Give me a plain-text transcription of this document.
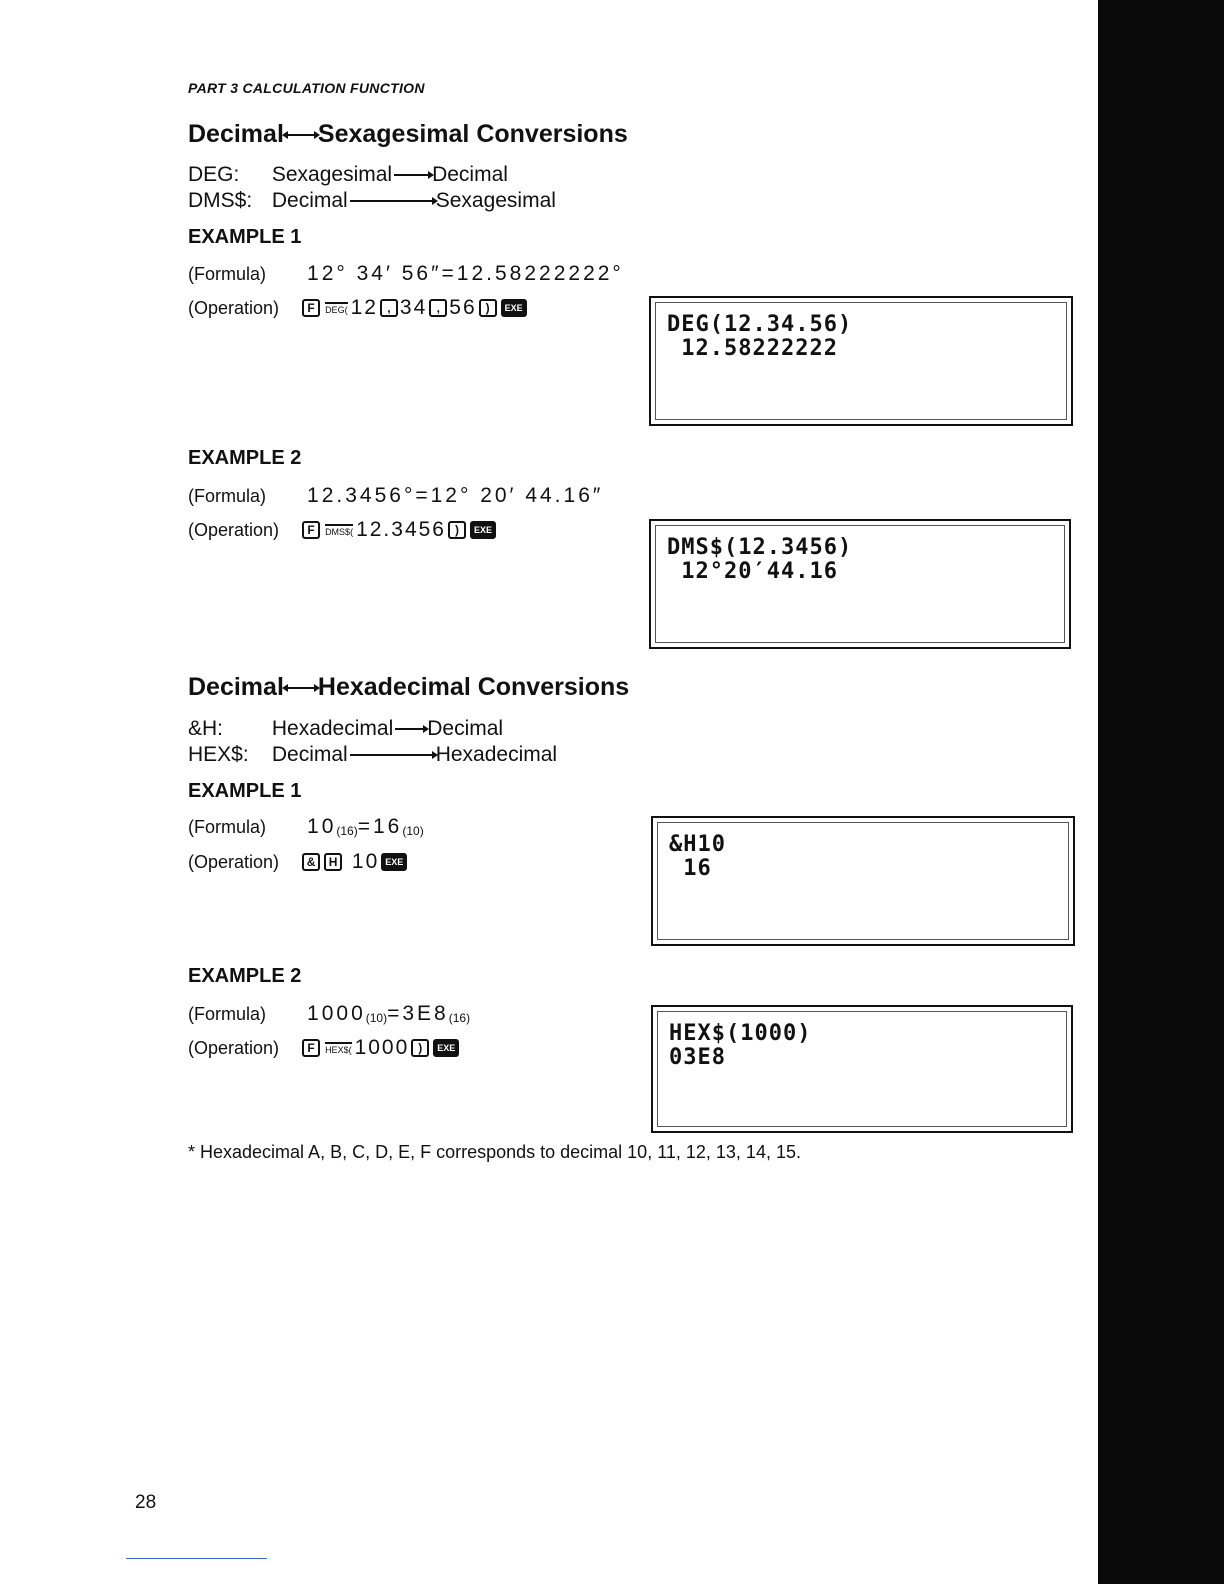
PART 3 CALCULATION FUNCTION
Decimal Sexagesimal Conversions
DEG: Sexagesimal Decimal
DMS$: Decimal	Sexagesimal
EXAMPLE 1
(Formula) 12° 34′ 56″=12.58222222°
(Operation) F DEG( 12 , 34 , 56 ) EXE
DEG(12.34.56)
12.58222222
EXAMPLE 2
(Formula) 12.3456°=12° 20′ 44.16″
(Operation) F DMS$( 12.3456 ) EXE
DMS$(12.3456)
12°20′44.16
Decimal Hexadecimal Conversions
&H: Hexadecimal Decimal
HEX$: Decimal	Hexadecimal
EXAMPLE 1
(Formula) 10(16)=16(10)
(Operation) & H 10 EXE
&H10
16
EXAMPLE 2
(Formula) 1000(10)=3E8(16)
(Operation) F HEX$( 1000 ) EXE
HEX$(1000)
03E8
* Hexadecimal A, B, C, D, E, F corresponds to decimal 10, 11, 12, 13, 14, 15.
28
